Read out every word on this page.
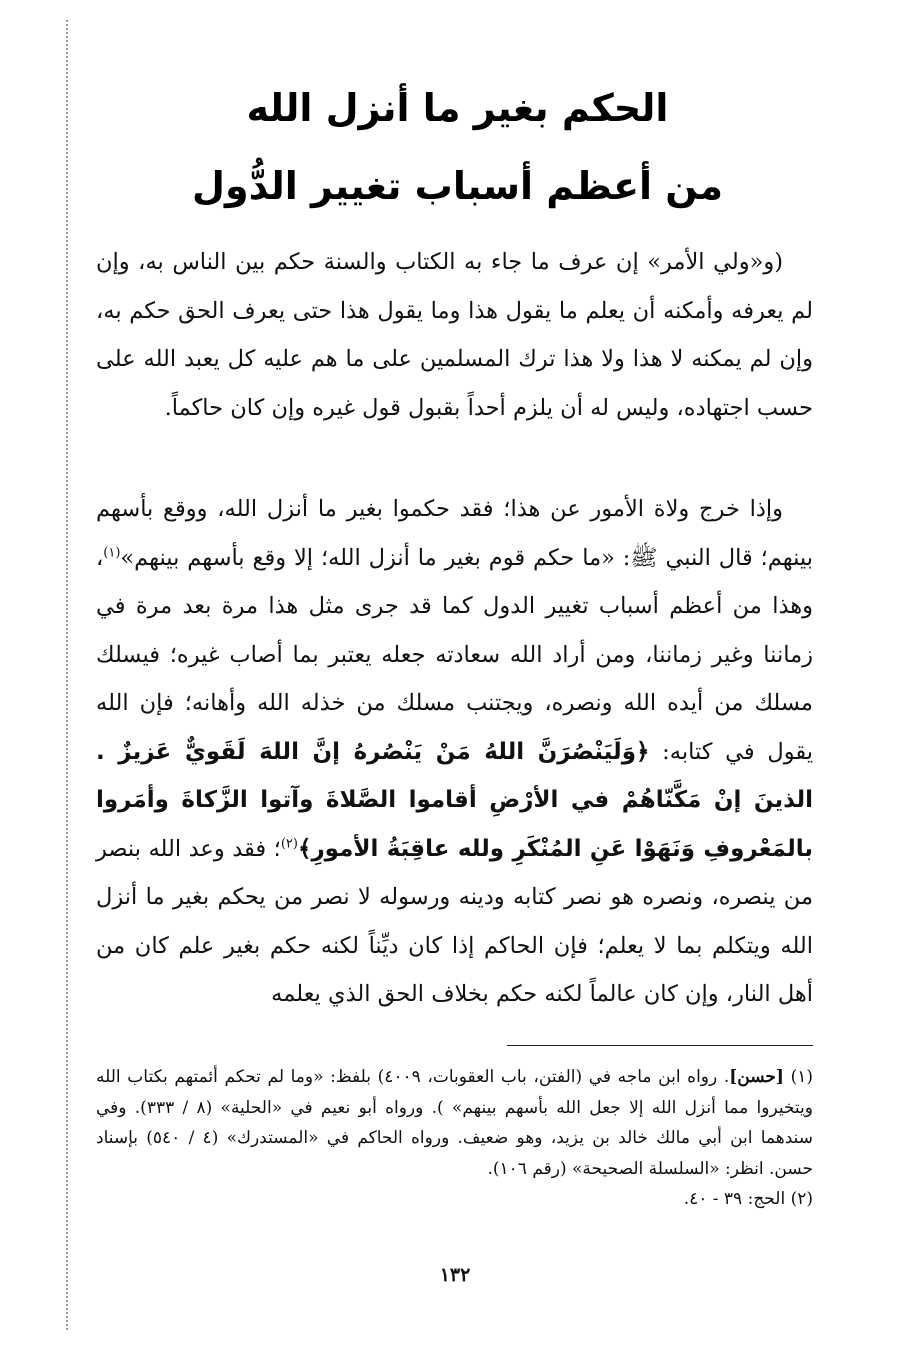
الحكم بغير ما أنزل الله
من أعظم أسباب تغيير الدُّول

(و«ولي الأمر» إن عرف ما جاء به الكتاب والسنة حكم بين الناس به، وإن لم يعرفه وأمكنه أن يعلم ما يقول هذا وما يقول هذا حتى يعرف الحق حكم به، وإن لم يمكنه لا هذا ولا هذا ترك المسلمين على ما هم عليه كل يعبد الله على حسب اجتهاده، وليس له أن يلزم أحداً بقبول قول غيره وإن كان حاكماً.

وإذا خرج ولاة الأمور عن هذا؛ فقد حكموا بغير ما أنزل الله، ووقع بأسهم بينهم؛ قال النبي ﷺ: «ما حكم قوم بغير ما أنزل الله؛ إلا وقع بأسهم بينهم»$^{(١)}$، وهذا من أعظم أسباب تغيير الدول كما قد جرى مثل هذا مرة بعد مرة في زماننا وغير زماننا، ومن أراد الله سعادته جعله يعتبر بما أصاب غيره؛ فيسلك مسلك من أيده الله ونصره، ويجتنب مسلك من خذله الله وأهانه؛ فإن الله يقول في كتابه: ﴿وَلَيَنْصُرَنَّ اللهُ مَنْ يَنْصُرهُ إنَّ اللهَ لَقَويٌّ عَزيزٌ . الذينَ إنْ مَكَّنّاهُمْ في الأرْضِ أقاموا الصَّلاةَ وآتوا الزَّكاةَ وأمَروا بالمَعْروفِ وَنَهَوْا عَنِ المُنْكَرِ ولله عاقِبَةُ الأمورِ﴾$^{(٢)}$؛ فقد وعد الله بنصر من ينصره، ونصره هو نصر كتابه ودينه ورسوله لا نصر من يحكم بغير ما أنزل الله ويتكلم بما لا يعلم؛ فإن الحاكم إذا كان ديِّناً لكنه حكم بغير علم كان من أهل النار، وإن كان عالماً لكنه حكم بخلاف الحق الذي يعلمه

(١) [حسن]. رواه ابن ماجه في (الفتن، باب العقوبات، ٤٠٠٩) بلفظ: «وما لم تحكم أئمتهم بكتاب الله ويتخيروا مما أنزل الله إلا جعل الله بأسهم بينهم» ). ورواه أبو نعيم في «الحلية» (٨ / ٣٣٣). وفي سندهما ابن أبي مالك خالد بن يزيد، وهو ضعيف. ورواه الحاكم في «المستدرك» (٤ / ٥٤٠) بإسناد حسن. انظر: «السلسلة الصحيحة» (رقم ١٠٦).

(٢) الحج: ٣٩ - ٤٠.

١٣٢
